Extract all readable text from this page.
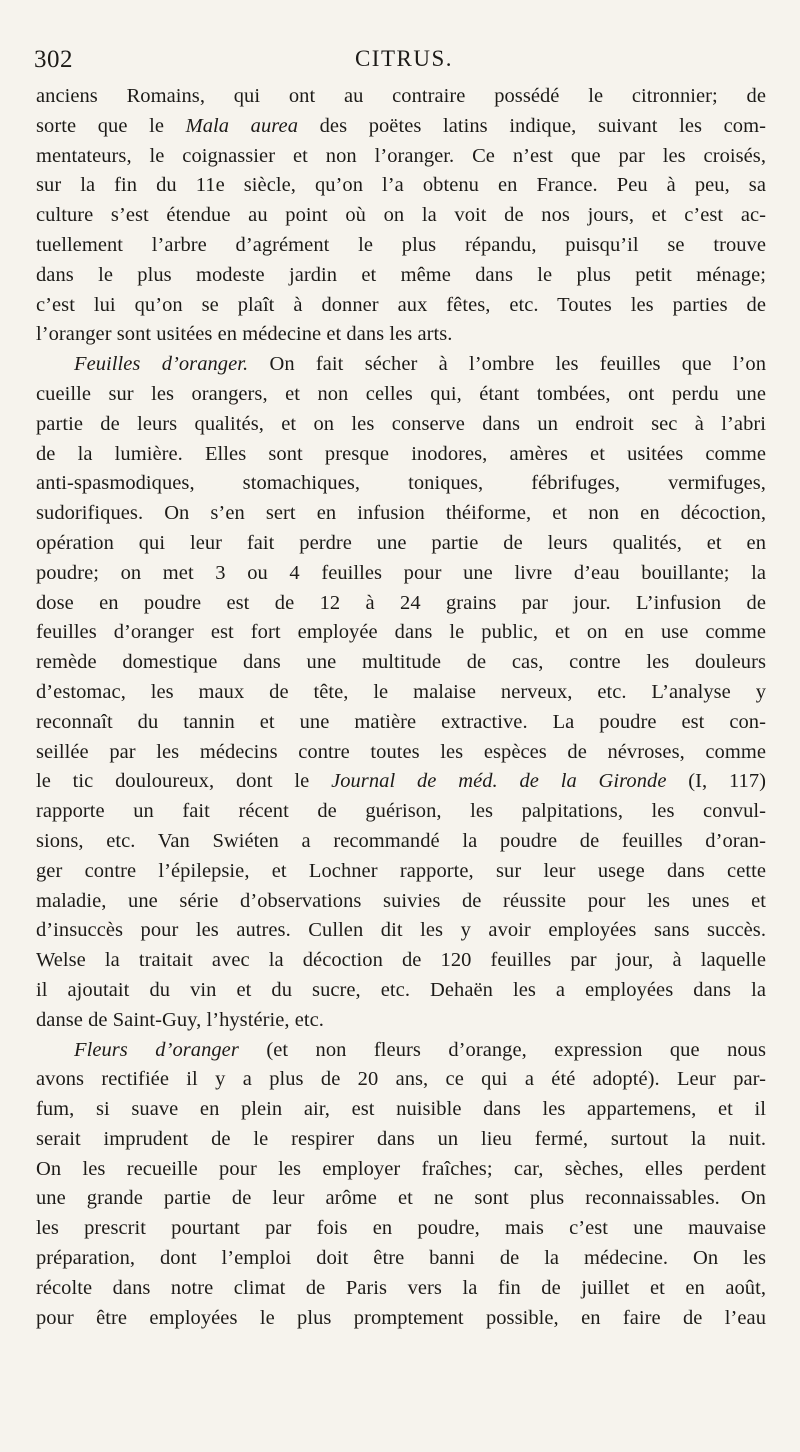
302	CITRUS.
anciens Romains, qui ont au contraire possédé le citronnier; de
sorte que le Mala aurea des poëtes latins indique, suivant les com-
mentateurs, le coignassier et non l’oranger. Ce n’est que par les croisés,
sur la fin du 11e siècle, qu’on l’a obtenu en France. Peu à peu, sa
culture s’est étendue au point où on la voit de nos jours, et c’est ac-
tuellement l’arbre d’agrément le plus répandu, puisqu’il se trouve
dans le plus modeste jardin et même dans le plus petit ménage;
c’est lui qu’on se plaît à donner aux fêtes, etc. Toutes les parties de
l’oranger sont usitées en médecine et dans les arts.
Feuilles d’oranger. On fait sécher à l’ombre les feuilles que l’on
cueille sur les orangers, et non celles qui, étant tombées, ont perdu une
partie de leurs qualités, et on les conserve dans un endroit sec à l’abri
de la lumière. Elles sont presque inodores, amères et usitées comme
anti-spasmodiques, stomachiques, toniques, fébrifuges, vermifuges,
sudorifiques. On s’en sert en infusion théiforme, et non en décoction,
opération qui leur fait perdre une partie de leurs qualités, et en
poudre; on met 3 ou 4 feuilles pour une livre d’eau bouillante; la
dose en poudre est de 12 à 24 grains par jour. L’infusion de
feuilles d’oranger est fort employée dans le public, et on en use comme
remède domestique dans une multitude de cas, contre les douleurs
d’estomac, les maux de tête, le malaise nerveux, etc. L’analyse y
reconnaît du tannin et une matière extractive. La poudre est con-
seillée par les médecins contre toutes les espèces de névroses, comme
le tic douloureux, dont le Journal de méd. de la Gironde (I, 117)
rapporte un fait récent de guérison, les palpitations, les convul-
sions, etc. Van Swiéten a recommandé la poudre de feuilles d’oran-
ger contre l’épilepsie, et Lochner rapporte, sur leur usege dans cette
maladie, une série d’observations suivies de réussite pour les unes et
d’insuccès pour les autres. Cullen dit les y avoir employées sans succès.
Welse la traitait avec la décoction de 120 feuilles par jour, à laquelle
il ajoutait du vin et du sucre, etc. Dehaën les a employées dans la
danse de Saint-Guy, l’hystérie, etc.
Fleurs d’oranger (et non fleurs d’orange, expression que nous
avons rectifiée il y a plus de 20 ans, ce qui a été adopté). Leur par-
fum, si suave en plein air, est nuisible dans les appartemens, et il
serait imprudent de le respirer dans un lieu fermé, surtout la nuit.
On les recueille pour les employer fraîches; car, sèches, elles perdent
une grande partie de leur arôme et ne sont plus reconnaissables. On
les prescrit pourtant par fois en poudre, mais c’est une mauvaise
préparation, dont l’emploi doit être banni de la médecine. On les
récolte dans notre climat de Paris vers la fin de juillet et en août,
pour être employées le plus promptement possible, en faire de l’eau
